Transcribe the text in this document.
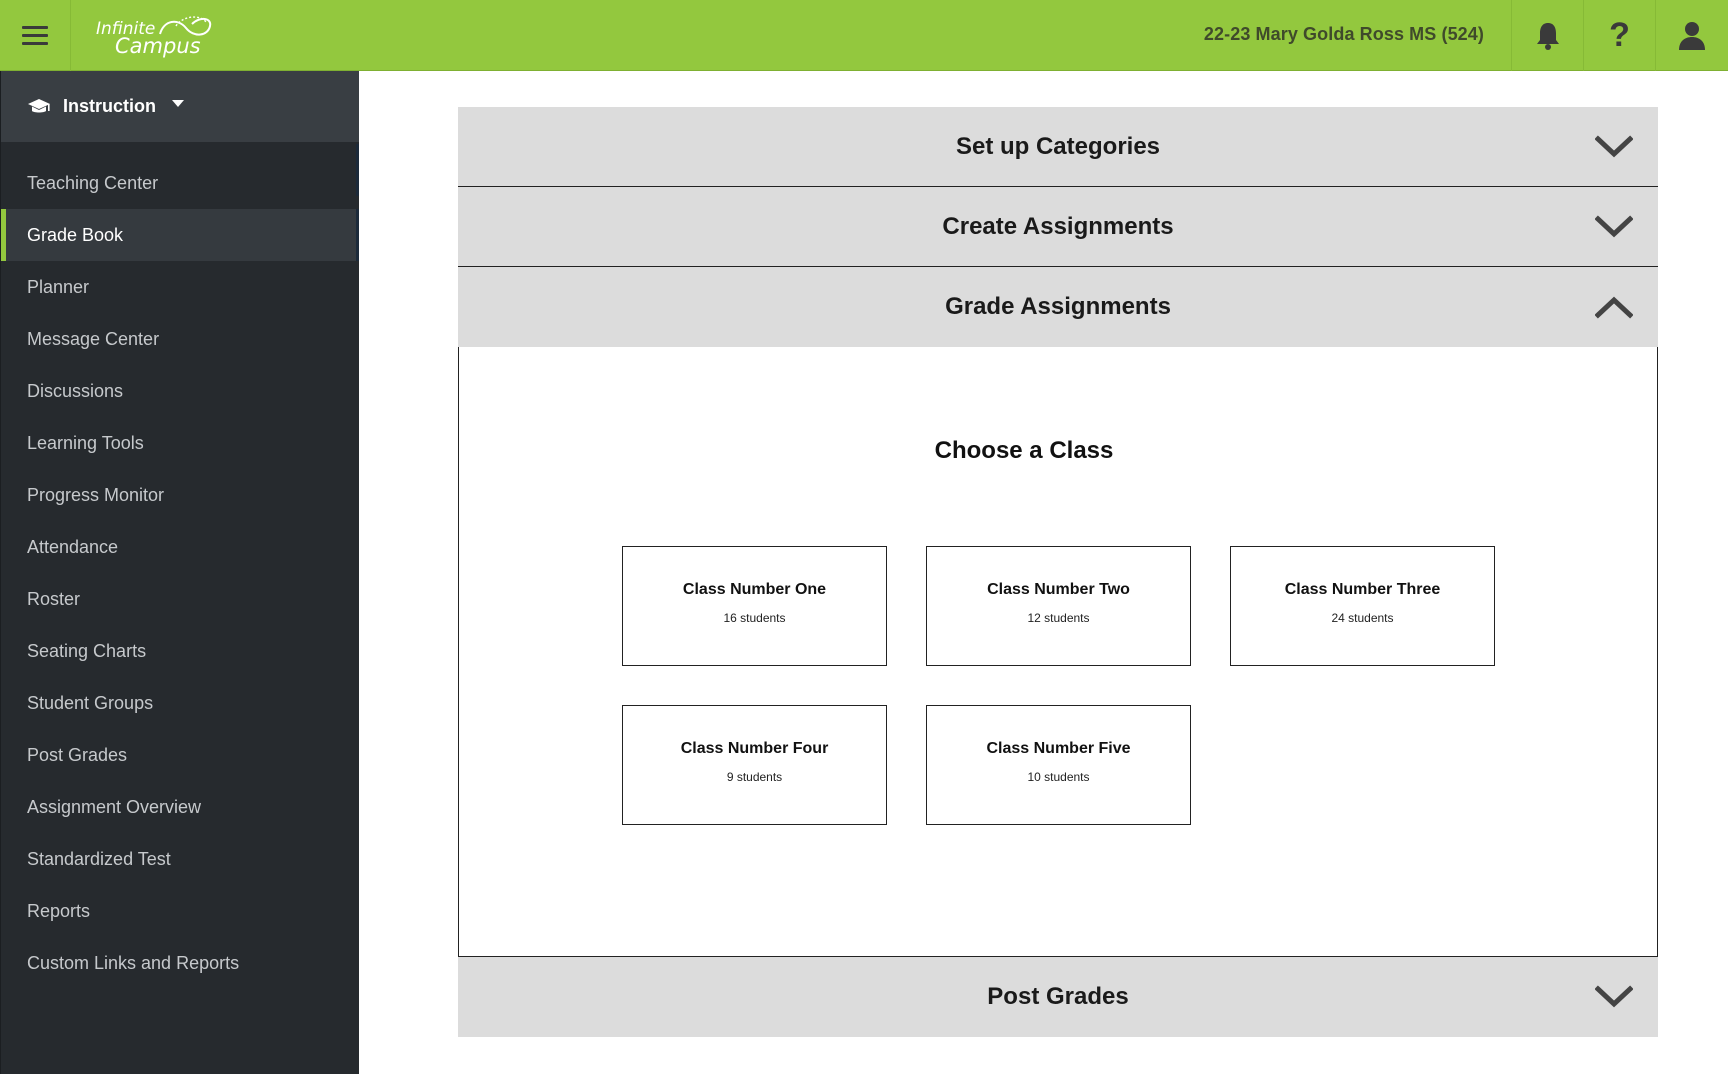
Infinite
Campus	22-23 Mary Golda Ross MS (524)	?
Instruction
Teaching Center
Grade Book
Planner
Message Center
Discussions
Learning Tools
Progress Monitor
Attendance
Roster
Seating Charts
Student Groups
Post Grades
Assignment Overview
Standardized Test
Reports
Custom Links and Reports
Set up Categories
Create Assignments
Grade Assignments
Choose a Class
Class Number One
16 students
Class Number Two
12 students
Class Number Three
24 students
Class Number Four
9 students
Class Number Five
10 students
Post Grades
